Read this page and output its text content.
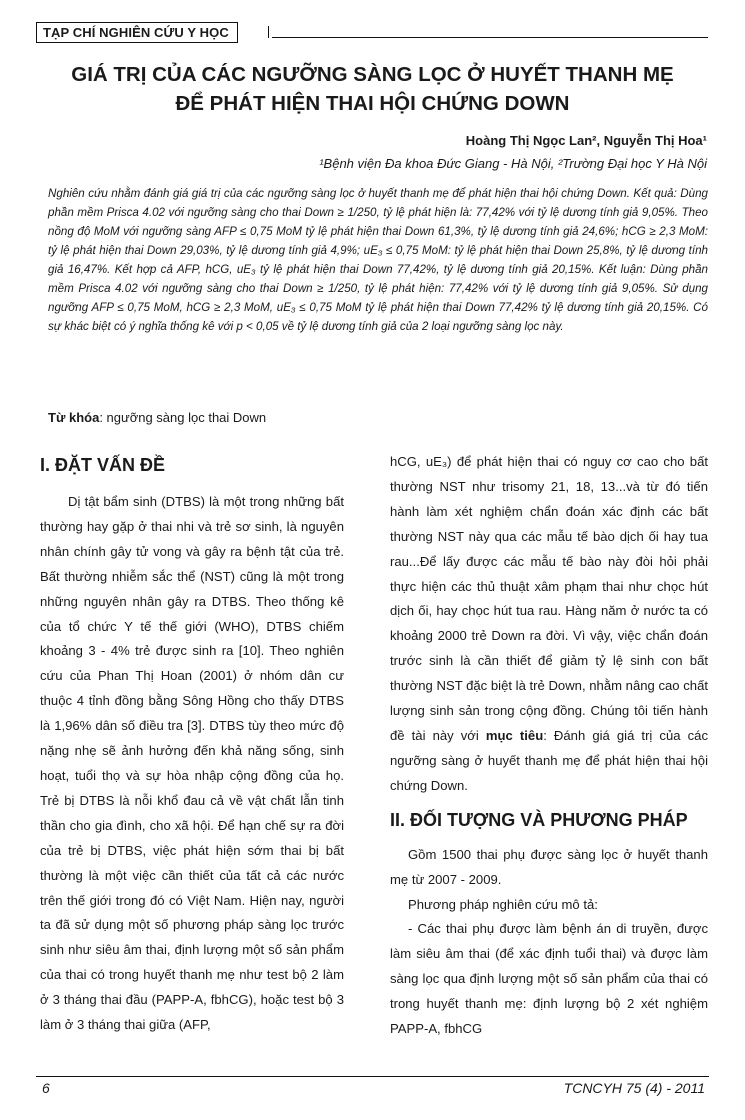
TẠP CHÍ NGHIÊN CỨU Y HỌC
GIÁ TRỊ CỦA CÁC NGƯỠNG SÀNG LỌC Ở HUYẾT THANH MẸ
ĐỂ PHÁT HIỆN THAI HỘI CHỨNG DOWN
Hoàng Thị Ngọc Lan², Nguyễn Thị Hoa¹
¹Bệnh viện Đa khoa Đức Giang - Hà Nội, ²Trường Đại học Y Hà Nội
Nghiên cứu nhằm đánh giá giá trị của các ngưỡng sàng lọc ở huyết thanh mẹ để phát hiện thai hội chứng Down. Kết quả: Dùng phần mềm Prisca 4.02 với ngưỡng sàng cho thai Down ≥ 1/250, tỷ lệ phát hiện là: 77,42% với tỷ lệ dương tính giả 9,05%. Theo nồng độ MoM với ngưỡng sàng AFP ≤ 0,75 MoM tỷ lệ phát hiện thai Down 61,3%, tỷ lệ dương tính giả 24,6%; hCG ≥ 2,3 MoM: tỷ lệ phát hiện thai Down 29,03%, tỷ lệ dương tính giả 4,9%; uE₃ ≤ 0,75 MoM: tỷ lệ phát hiện thai Down 25,8%, tỷ lệ dương tính giả 16,47%. Kết hợp cả AFP, hCG, uE₃ tỷ lệ phát hiện thai Down 77,42%, tỷ lệ dương tính giả 20,15%. Kết luận: Dùng phần mềm Prisca 4.02 với ngưỡng sàng cho thai Down ≥ 1/250, tỷ lệ phát hiện: 77,42% với tỷ lệ dương tính giả 9,05%. Sử dụng ngưỡng AFP ≤ 0,75 MoM, hCG ≥ 2,3 MoM, uE₃ ≤ 0,75 MoM tỷ lệ phát hiện thai Down 77,42% tỷ lệ dương tính giả 20,15%. Có sự khác biệt có ý nghĩa thống kê với p < 0,05 về tỷ lệ dương tính giả của 2 loại ngưỡng sàng lọc này.
Từ khóa: ngưỡng sàng lọc thai Down
I. ĐẶT VẤN ĐỀ

Dị tật bẩm sinh (DTBS) là một trong những bất thường hay gặp ở thai nhi và trẻ sơ sinh, là nguyên nhân chính gây tử vong và gây ra bệnh tật của trẻ. Bất thường nhiễm sắc thể (NST) cũng là một trong những nguyên nhân gây ra DTBS. Theo thống kê của tổ chức Y tế thế giới (WHO), DTBS chiếm khoảng 3 - 4% trẻ được sinh ra [10]. Theo nghiên cứu của Phan Thị Hoan (2001) ở nhóm dân cư thuộc 4 tỉnh đồng bằng Sông Hồng cho thấy DTBS là 1,96% dân số điều tra [3]. DTBS tùy theo mức độ nặng nhẹ sẽ ảnh hưởng đến khả năng sống, sinh hoạt, tuổi thọ và sự hòa nhập cộng đồng của họ. Trẻ bị DTBS là nỗi khổ đau cả về vật chất lẫn tinh thần cho gia đình, cho xã hội. Để hạn chế sự ra đời của trẻ bị DTBS, việc phát hiện sớm thai bị bất thường là một việc cần thiết của tất cả các nước trên thế giới trong đó có Việt Nam. Hiện nay, người ta đã sử dụng một số phương pháp sàng lọc trước sinh như siêu âm thai, định lượng một số sản phẩm của thai có trong huyết thanh mẹ như test bộ 2 làm ở 3 tháng thai đầu (PAPP-A, fbhCG), hoặc test bộ 3 làm ở 3 tháng thai giữa (AFP,

hCG, uE₃) để phát hiện thai có nguy cơ cao cho bất thường NST như trisomy 21, 18, 13...và từ đó tiến hành làm xét nghiệm chẩn đoán xác định các bất thường NST này qua các mẫu tế bào dịch ối hay tua rau...Để lấy được các mẫu tế bào này đòi hỏi phải thực hiện các thủ thuật xâm phạm thai như chọc hút dịch ối, hay chọc hút tua rau. Hàng năm ở nước ta có khoảng 2000 trẻ Down ra đời. Vì vậy, việc chẩn đoán trước sinh là cần thiết để giảm tỷ lệ sinh con bất thường NST đặc biệt là trẻ Down, nhằm nâng cao chất lượng sinh sản trong cộng đồng. Chúng tôi tiến hành đề tài này với mục tiêu: Đánh giá giá trị của các ngưỡng sàng ở huyết thanh mẹ để phát hiện thai hội chứng Down.

II. ĐỐI TƯỢNG VÀ PHƯƠNG PHÁP

Gồm 1500 thai phụ được sàng lọc ở huyết thanh mẹ từ 2007 - 2009.

Phương pháp nghiên cứu mô tả:

- Các thai phụ được làm bệnh án di truyền, được làm siêu âm thai (để xác định tuổi thai) và được làm sàng lọc qua định lượng một số sản phẩm của thai có trong huyết thanh mẹ: định lượng bộ 2 xét nghiệm PAPP-A, fbhCG

6	TCNCYH 75 (4) - 2011
